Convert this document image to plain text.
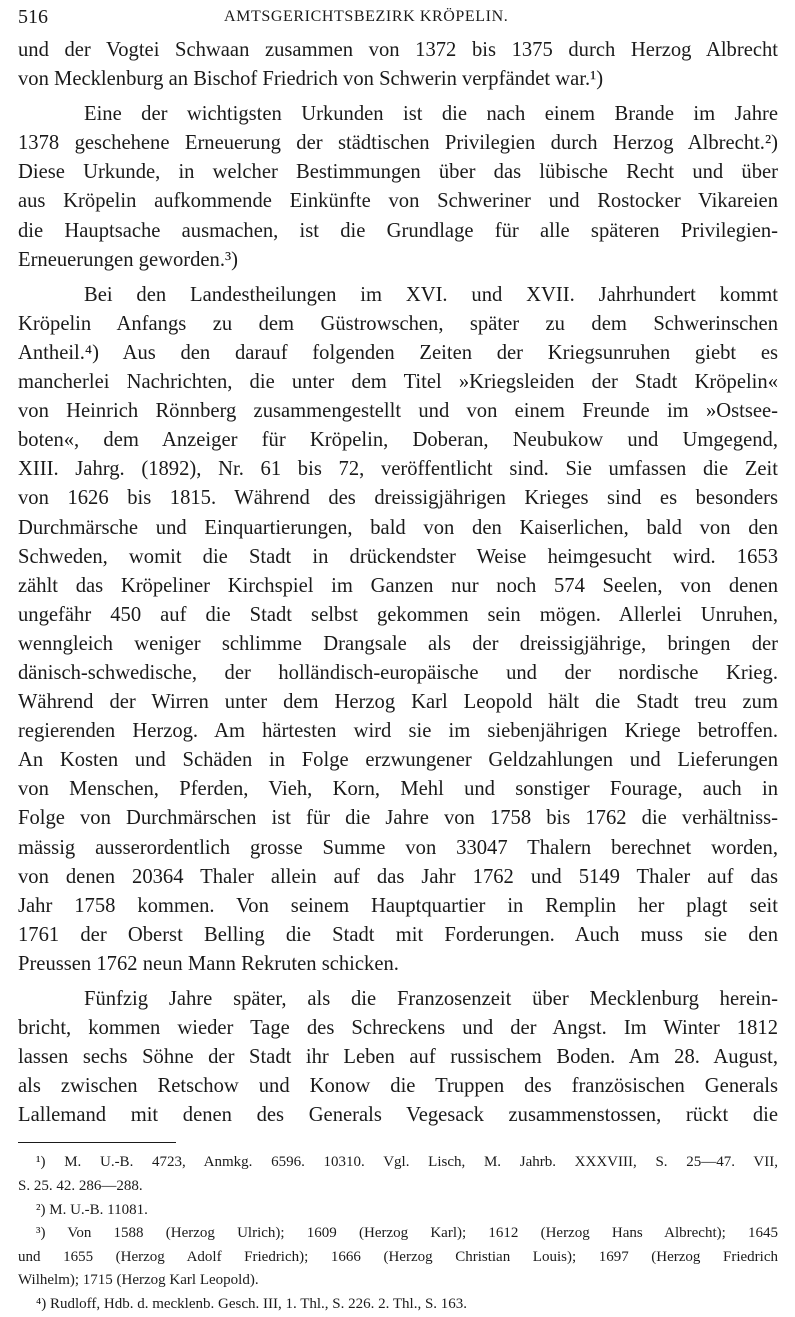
516	AMTSGERICHTSBEZIRK KRÖPELIN.
und der Vogtei Schwaan zusammen von 1372 bis 1375 durch Herzog Albrecht
von Mecklenburg an Bischof Friedrich von Schwerin verpfändet war.¹)
Eine der wichtigsten Urkunden ist die nach einem Brande im Jahre
1378 geschehene Erneuerung der städtischen Privilegien durch Herzog Albrecht.²)
Diese Urkunde, in welcher Bestimmungen über das lübische Recht und über
aus Kröpelin aufkommende Einkünfte von Schweriner und Rostocker Vikareien
die Hauptsache ausmachen, ist die Grundlage für alle späteren Privilegien-
Erneuerungen geworden.³)
Bei den Landestheilungen im XVI. und XVII. Jahrhundert kommt
Kröpelin Anfangs zu dem Güstrowschen, später zu dem Schwerinschen
Antheil.⁴) Aus den darauf folgenden Zeiten der Kriegsunruhen giebt es
mancherlei Nachrichten, die unter dem Titel »Kriegsleiden der Stadt Kröpelin«
von Heinrich Rönnberg zusammengestellt und von einem Freunde im »Ostsee-
boten«, dem Anzeiger für Kröpelin, Doberan, Neubukow und Umgegend,
XIII. Jahrg. (1892), Nr. 61 bis 72, veröffentlicht sind. Sie umfassen die Zeit
von 1626 bis 1815. Während des dreissigjährigen Krieges sind es besonders
Durchmärsche und Einquartierungen, bald von den Kaiserlichen, bald von den
Schweden, womit die Stadt in drückendster Weise heimgesucht wird. 1653
zählt das Kröpeliner Kirchspiel im Ganzen nur noch 574 Seelen, von denen
ungefähr 450 auf die Stadt selbst gekommen sein mögen. Allerlei Unruhen,
wenngleich weniger schlimme Drangsale als der dreissigjährige, bringen der
dänisch-schwedische, der holländisch-europäische und der nordische Krieg.
Während der Wirren unter dem Herzog Karl Leopold hält die Stadt treu zum
regierenden Herzog. Am härtesten wird sie im siebenjährigen Kriege betroffen.
An Kosten und Schäden in Folge erzwungener Geldzahlungen und Lieferungen
von Menschen, Pferden, Vieh, Korn, Mehl und sonstiger Fourage, auch in
Folge von Durchmärschen ist für die Jahre von 1758 bis 1762 die verhältniss-
mässig ausserordentlich grosse Summe von 33047 Thalern berechnet worden,
von denen 20364 Thaler allein auf das Jahr 1762 und 5149 Thaler auf das
Jahr 1758 kommen. Von seinem Hauptquartier in Remplin her plagt seit
1761 der Oberst Belling die Stadt mit Forderungen. Auch muss sie den
Preussen 1762 neun Mann Rekruten schicken.
Fünfzig Jahre später, als die Franzosenzeit über Mecklenburg herein-
bricht, kommen wieder Tage des Schreckens und der Angst. Im Winter 1812
lassen sechs Söhne der Stadt ihr Leben auf russischem Boden. Am 28. August,
als zwischen Retschow und Konow die Truppen des französischen Generals
Lallemand mit denen des Generals Vegesack zusammenstossen, rückt die
¹) M. U.-B. 4723, Anmkg. 6596. 10310. Vgl. Lisch, M. Jahrb. XXXVIII, S. 25—47. VII,
S. 25. 42. 286—288.
²) M. U.-B. 11081.
³) Von 1588 (Herzog Ulrich); 1609 (Herzog Karl); 1612 (Herzog Hans Albrecht); 1645
und 1655 (Herzog Adolf Friedrich); 1666 (Herzog Christian Louis); 1697 (Herzog Friedrich
Wilhelm); 1715 (Herzog Karl Leopold).
⁴) Rudloff, Hdb. d. mecklenb. Gesch. III, 1. Thl., S. 226. 2. Thl., S. 163.
